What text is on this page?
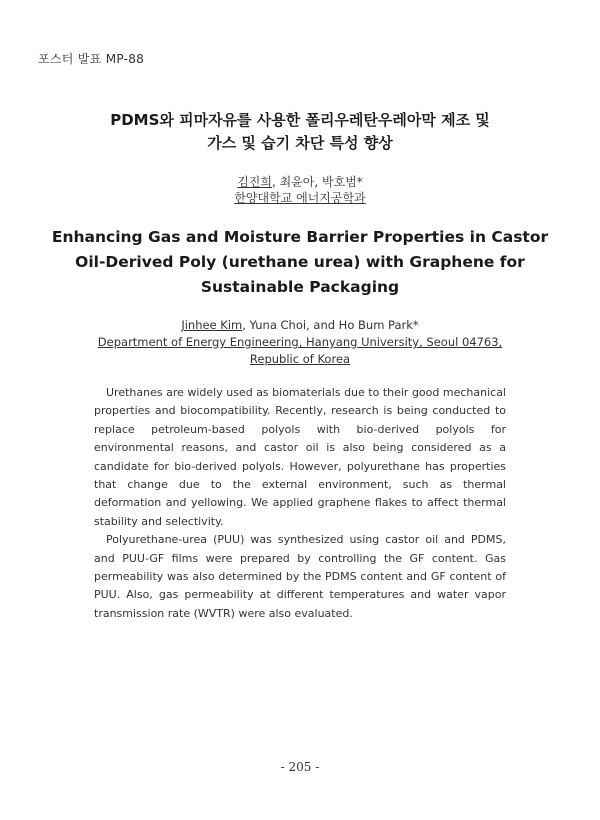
포스터 발표 MP-88
PDMS와 피마자유를 사용한 폴리우레탄우레아막 제조 및
가스 및 습기 차단 특성 향상
김진희, 최윤아, 박호범*
한양대학교 에너지공학과
Enhancing Gas and Moisture Barrier Properties in Castor
Oil-Derived Poly (urethane urea) with Graphene for
Sustainable Packaging
Jinhee Kim, Yuna Choi, and Ho Bum Park*
Department of Energy Engineering, Hanyang University, Seoul 04763,
Republic of Korea

Urethanes are widely used as biomaterials due to their good mechanical properties and biocompatibility. Recently, research is being conducted to replace petroleum-based polyols with bio-derived polyols for environmental reasons, and castor oil is also being considered as a candidate for bio-derived polyols. However, polyurethane has properties that change due to the external environment, such as thermal deformation and yellowing. We applied graphene flakes to affect thermal stability and selectivity.

Polyurethane-urea (PUU) was synthesized using castor oil and PDMS, and PUU-GF films were prepared by controlling the GF content. Gas permeability was also determined by the PDMS content and GF content of PUU. Also, gas permeability at different temperatures and water vapor transmission rate (WVTR) were also evaluated.

- 205 -
